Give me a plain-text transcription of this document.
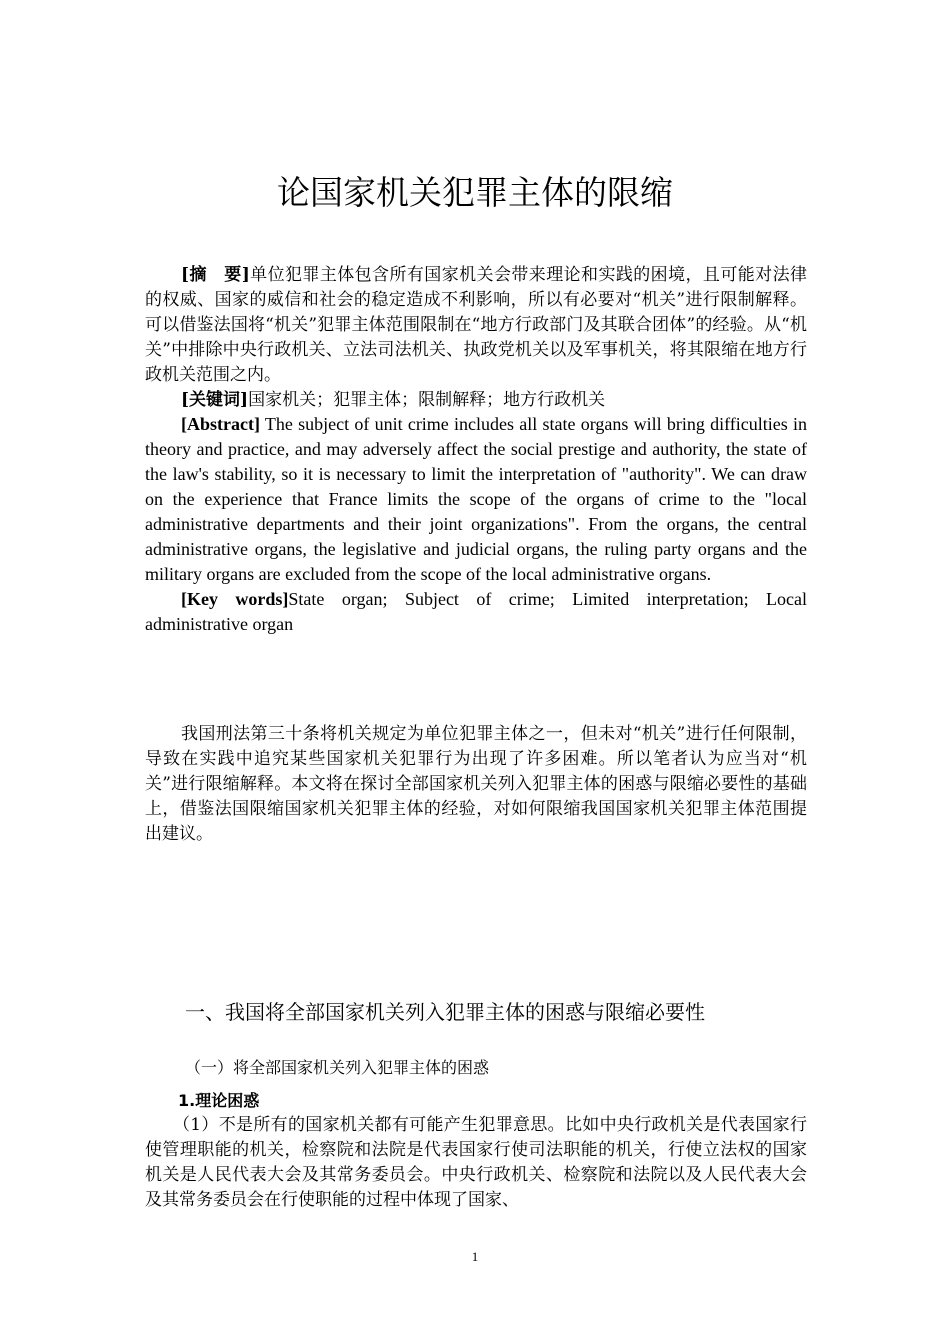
论国家机关犯罪主体的限缩

[摘　要]单位犯罪主体包含所有国家机关会带来理论和实践的困境，且可能对法律的权威、国家的威信和社会的稳定造成不利影响，所以有必要对“机关”进行限制解释。可以借鉴法国将“机关”犯罪主体范围限制在“地方行政部门及其联合团体”的经验。从“机关”中排除中央行政机关、立法司法机关、执政党机关以及军事机关，将其限缩在地方行政机关范围之内。

[关键词]国家机关；犯罪主体；限制解释；地方行政机关

[Abstract] The subject of unit crime includes all state organs will bring difficulties in theory and practice, and may adversely affect the social prestige and authority, the state of the law's stability, so it is necessary to limit the interpretation of "authority". We can draw on the experience that France limits the scope of the organs of crime to the "local administrative departments and their joint organizations". From the organs, the central administrative organs, the legislative and judicial organs, the ruling party organs and the military organs are excluded from the scope of the local administrative organs.

[Key words]State organ; Subject of crime; Limited interpretation; Local administrative organ

我国刑法第三十条将机关规定为单位犯罪主体之一，但未对“机关”进行任何限制，导致在实践中追究某些国家机关犯罪行为出现了许多困难。所以笔者认为应当对“机关”进行限缩解释。本文将在探讨全部国家机关列入犯罪主体的困惑与限缩必要性的基础上，借鉴法国限缩国家机关犯罪主体的经验，对如何限缩我国国家机关犯罪主体范围提出建议。

一、我国将全部国家机关列入犯罪主体的困惑与限缩必要性
（一）将全部国家机关列入犯罪主体的困惑
1.理论困惑

（1）不是所有的国家机关都有可能产生犯罪意思。比如中央行政机关是代表国家行使管理职能的机关，检察院和法院是代表国家行使司法职能的机关，行使立法权的国家机关是人民代表大会及其常务委员会。中央行政机关、检察院和法院以及人民代表大会及其常务委员会在行使职能的过程中体现了国家、

1
